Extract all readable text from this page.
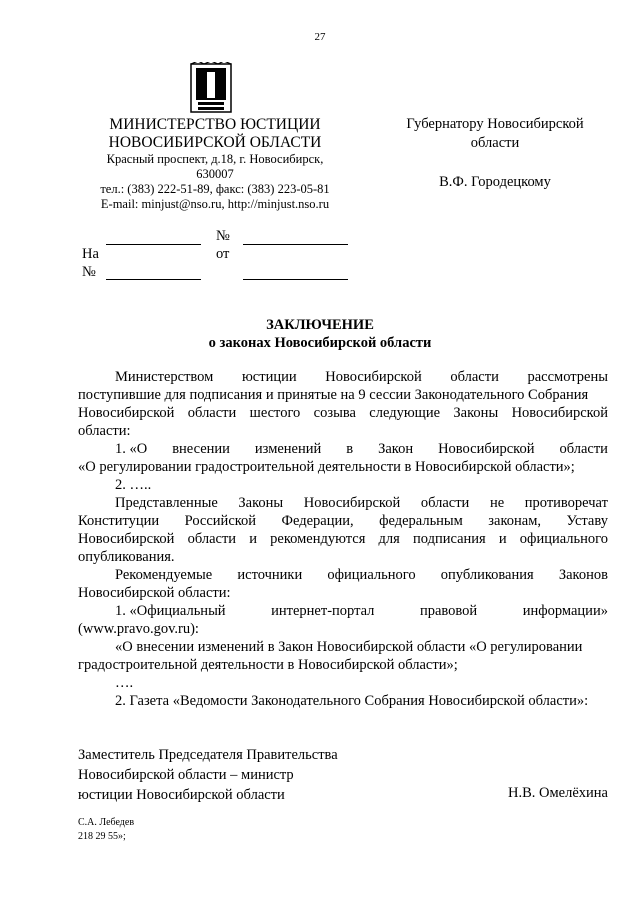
27
МИНИСТЕРСТВО ЮСТИЦИИ
НОВОСИБИРСКОЙ ОБЛАСТИ
Красный проспект, д.18, г. Новосибирск,
630007
тел.: (383) 222-51-89, факс: (383) 223-05-81
E-mail: minjust@nso.ru, http://minjust.nso.ru
Губернатору Новосибирской
области
В.Ф. Городецкому
№
На	от
№
ЗАКЛЮЧЕНИЕ
о законах Новосибирской области
Министерством юстиции Новосибирской области рассмотрены
поступившие для подписания и принятые на 9 сессии Законодательного Собрания
Новосибирской области шестого созыва следующие Законы Новосибирской
области:
1. «О внесении изменений в Закон Новосибирской области
«О регулировании градостроительной деятельности в Новосибирской области»;
2. …..
Представленные Законы Новосибирской области не противоречат
Конституции Российской Федерации, федеральным законам, Уставу
Новосибирской области и рекомендуются для подписания и официального
опубликования.
Рекомендуемые источники официального опубликования Законов
Новосибирской области:
1. «Официальный	интернет-портал	правовой	информации»
(www.pravo.gov.ru):
«О внесении изменений в Закон Новосибирской области «О регулировании
градостроительной деятельности в Новосибирской области»;
….
2. Газета «Ведомости Законодательного Собрания Новосибирской области»:
Заместитель Председателя Правительства
Новосибирской области – министр
юстиции Новосибирской области	Н.В. Омелёхина
С.А. Лебедев
218 29 55»;
